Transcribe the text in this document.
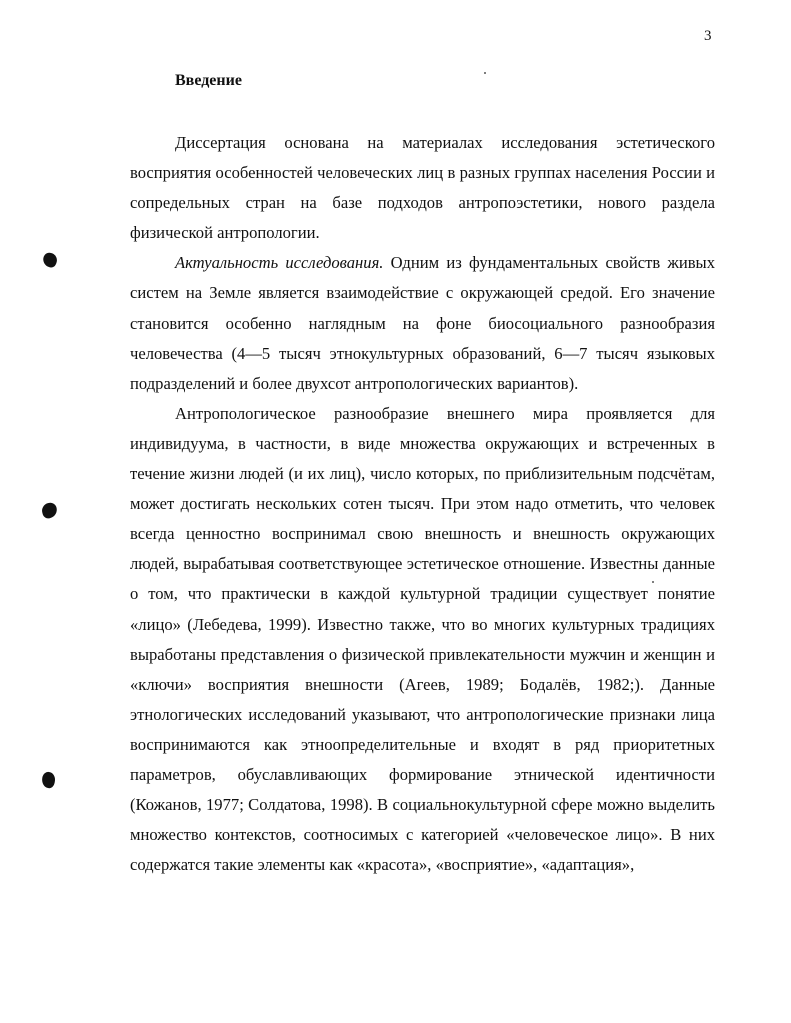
3
Введение

Диссертация основана на материалах исследования эстетического восприятия особенностей человеческих лиц в разных группах населения России и сопредельных стран на базе подходов антропоэстетики, нового раздела физической антропологии.

Актуальность исследования. Одним из фундаментальных свойств живых систем на Земле является взаимодействие с окружающей средой. Его значение становится особенно наглядным на фоне биосоциального разнообразия человечества (4—5 тысяч этнокультурных образований, 6—7 тысяч языковых подразделений и более двухсот антропологических вариантов).

Антропологическое разнообразие внешнего мира проявляется для индивидуума, в частности, в виде множества окружающих и встреченных в течение жизни людей (и их лиц), число которых, по приблизительным подсчётам, может достигать нескольких сотен тысяч. При этом надо отметить, что человек всегда ценностно воспринимал свою внешность и внешность окружающих людей, вырабатывая соответствующее эстетическое отношение. Известны данные о том, что практически в каждой культурной традиции существует понятие «лицо» (Лебедева, 1999). Известно также, что во многих культурных традициях выработаны представления о физической привлекательности мужчин и женщин и «ключи» восприятия внешности (Агеев, 1989; Бодалёв, 1982;). Данные этнологических исследований указывают, что антропологические признаки лица воспринимаются как этноопределительные и входят в ряд приоритетных параметров, обуславливающих формирование этнической идентичности (Кожанов, 1977; Солдатова, 1998). В социальнокультурной сфере можно выделить множество контекстов, соотносимых с категорией «человеческое лицо». В них содержатся такие элементы как «красота», «восприятие», «адаптация»,
